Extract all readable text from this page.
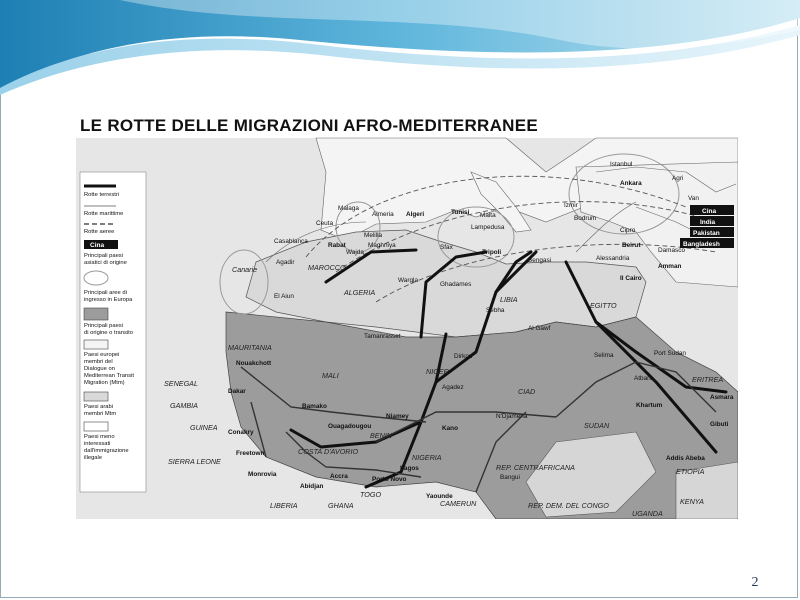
LE ROTTE DELLE MIGRAZIONI AFRO-MEDITERRANEE
Rotte terrestri
Rotte marittime
Rotte aeree
Cina
Principali paesi
asiatici di origine
Principali aree di
ingresso in Europa
Principali paesi
di origine o transito
Paesi europei
membri del
Dialogue on
Mediterrean Transit
Migration (Mtm)
Paesi arabi
membri Mtm
Paesi meno
interessati
dall'immigrazione
illegale
Cina
India
Pakistan
Bangladesh
Malaga
Almeria Algeri	Tunisi Malta
Lampedusa
Ceuta
Melilla
Casablanca
Rabat	Maghniya
Wajda
Sfax
Tripoli
Agadir
El Aiun
Wargla
Ghadames
Sebha
Tamanrasset
Dirkou
Agadez
Al Gawf
Bengasi	Alessandria
Il Cairo
Istanbul
Ankara
Izmir
Bodrum
Cipro
Beirut
Damasco
Amman
Van
Agri
Selima	Port Sudan
Atbara
Khartum
Asmara
Gibuti
Addis Abeba
Nouakchott
Dakar
Bamako
Niamey
Ouagadougou	Kano
N'Djamena
Conakry
Freetown
Monrovia
Abidjan
Accra
Lagos
Porto Novo
Yaounde
Bangui
MAROCCO
ALGERIA
LIBIA
EGITTO
MAURITANIA
MALI	NIGER
CIAD
SUDAN
ERITREA
ETIOPIA
SENEGAL
GAMBIA
GUINEA
SIERRA LEONE
LIBERIA
COSTA D'AVORIO
GHANA
TOGO
BENIN
NIGERIA
CAMERUN
REP. CENTRAFRICANA
REP. DEM. DEL CONGO
UGANDA
KENYA
Canarie
2
